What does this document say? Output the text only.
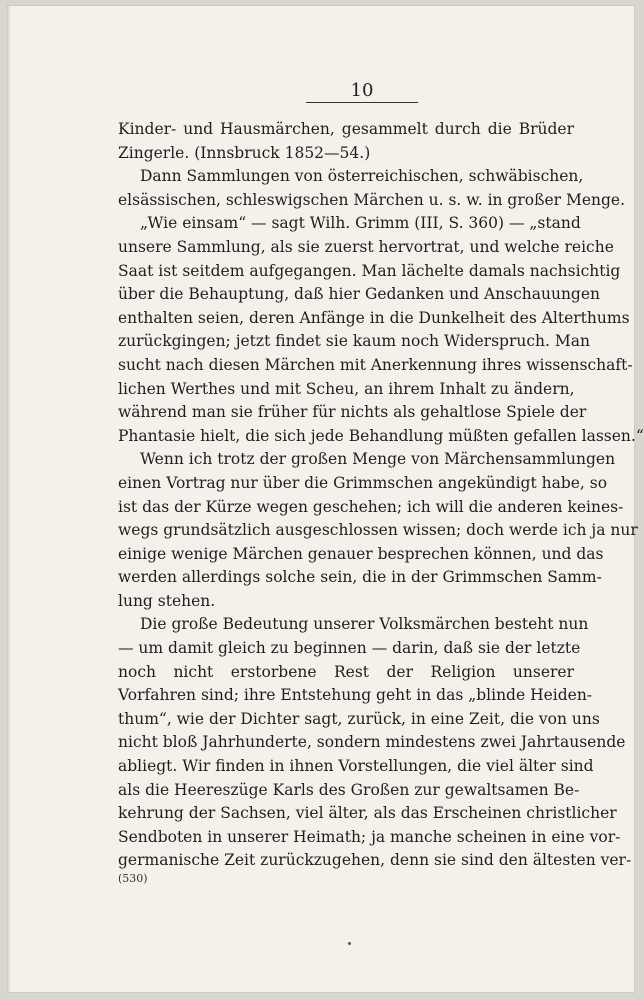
10
Kinder- und Hausmärchen, gesammelt durch die Brüder
Zingerle. (Innsbruck 1852—54.)
Dann Sammlungen von österreichischen, schwäbischen,
elsässischen, schleswigschen Märchen u. s. w. in großer Menge.
„Wie einsam“ — sagt Wilh. Grimm (III, S. 360) — „stand
unsere Sammlung, als sie zuerst hervortrat, und welche reiche
Saat ist seitdem aufgegangen. Man lächelte damals nachsichtig
über die Behauptung, daß hier Gedanken und Anschauungen
enthalten seien, deren Anfänge in die Dunkelheit des Alterthums
zurückgingen; jetzt findet sie kaum noch Widerspruch. Man
sucht nach diesen Märchen mit Anerkennung ihres wissenschaft-
lichen Werthes und mit Scheu, an ihrem Inhalt zu ändern,
während man sie früher für nichts als gehaltlose Spiele der
Phantasie hielt, die sich jede Behandlung müßten gefallen lassen.“
Wenn ich trotz der großen Menge von Märchensammlungen
einen Vortrag nur über die Grimmschen angekündigt habe, so
ist das der Kürze wegen geschehen; ich will die anderen keines-
wegs grundsätzlich ausgeschlossen wissen; doch werde ich ja nur
einige wenige Märchen genauer besprechen können, und das
werden allerdings solche sein, die in der Grimmschen Samm-
lung stehen.
Die große Bedeutung unserer Volksmärchen besteht nun
— um damit gleich zu beginnen — darin, daß sie der letzte
noch nicht erstorbene Rest der Religion unserer
Vorfahren sind; ihre Entstehung geht in das „blinde Heiden-
thum“, wie der Dichter sagt, zurück, in eine Zeit, die von uns
nicht bloß Jahrhunderte, sondern mindestens zwei Jahrtausende
abliegt. Wir finden in ihnen Vorstellungen, die viel älter sind
als die Heereszüge Karls des Großen zur gewaltsamen Be-
kehrung der Sachsen, viel älter, als das Erscheinen christlicher
Sendboten in unserer Heimath; ja manche scheinen in eine vor-
germanische Zeit zurückzugehen, denn sie sind den ältesten ver-
(530)
